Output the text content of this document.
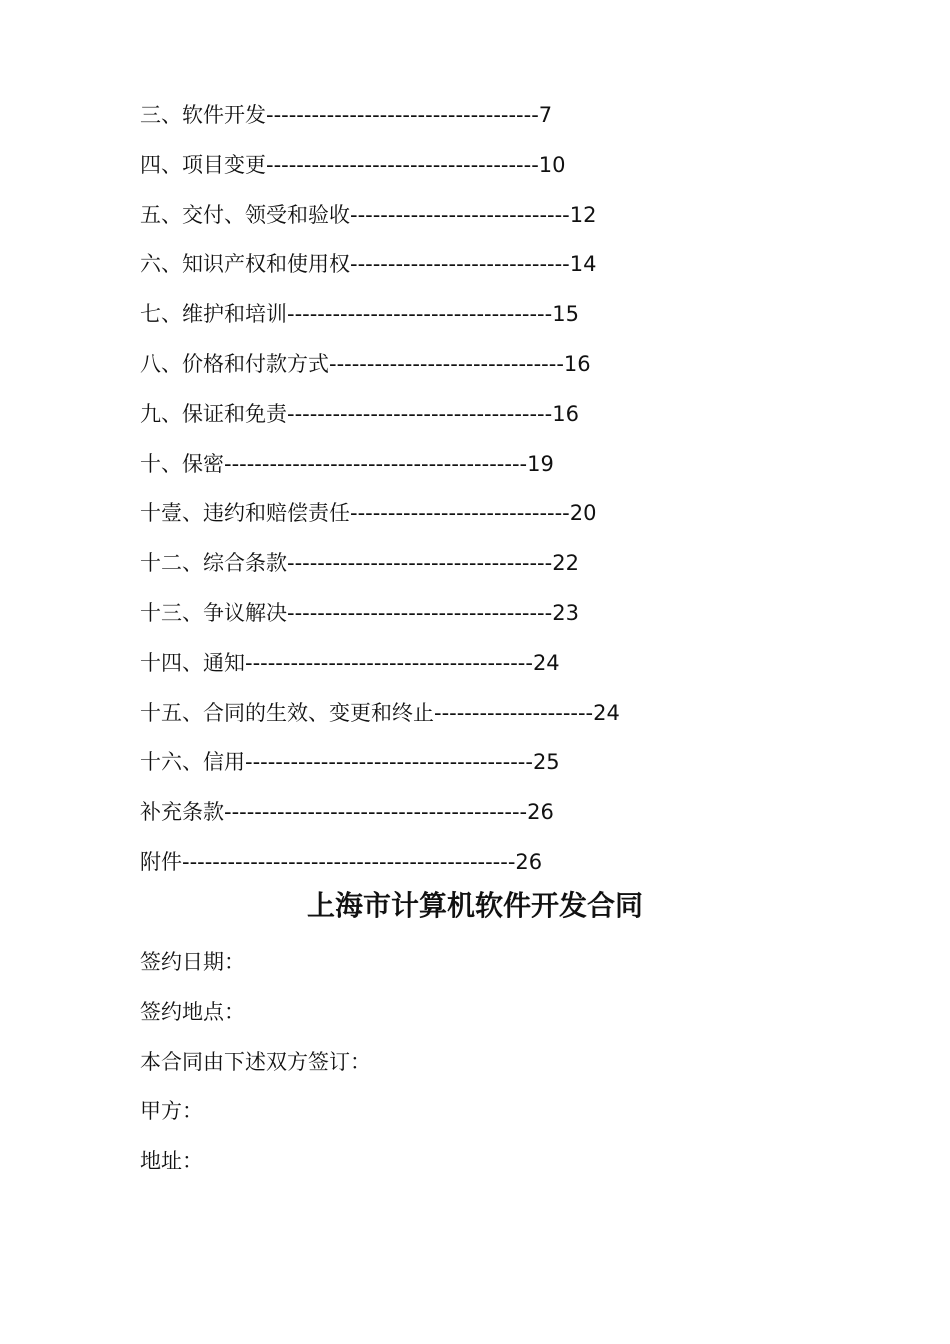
三、软件开发------------------------------------7
四、项目变更------------------------------------10
五、交付、领受和验收-----------------------------12
六、知识产权和使用权-----------------------------14
七、维护和培训-----------------------------------15
八、价格和付款方式-------------------------------16
九、保证和免责-----------------------------------16
十、保密----------------------------------------19
十壹、违约和赔偿责任-----------------------------20
十二、综合条款-----------------------------------22
十三、争议解决-----------------------------------23
十四、通知--------------------------------------24
十五、合同的生效、变更和终止---------------------24
十六、信用--------------------------------------25
补充条款----------------------------------------26
附件--------------------------------------------26
上海市计算机软件开发合同
签约日期：
签约地点：
本合同由下述双方签订：
甲方：
地址：
